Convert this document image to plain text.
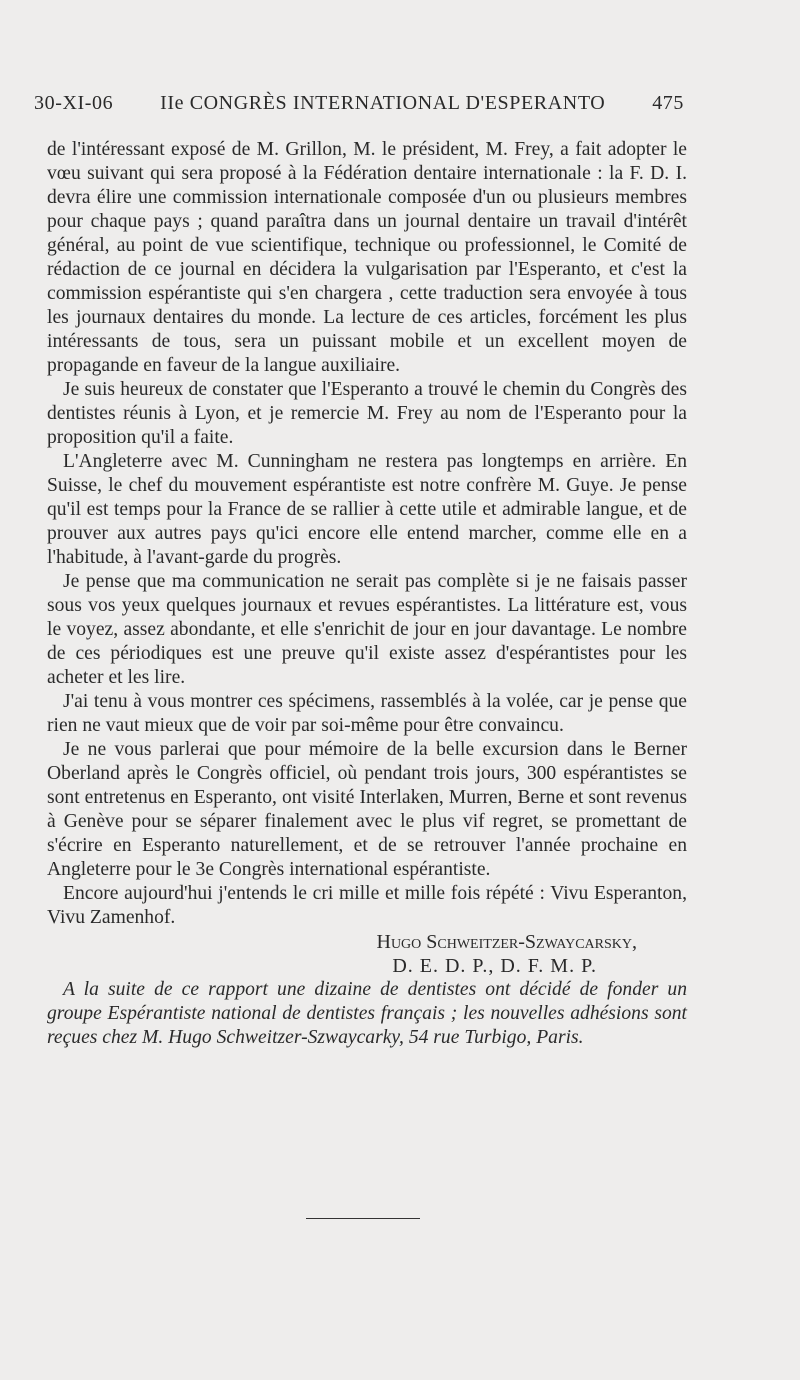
30-XI-06 IIe CONGRÈS INTERNATIONAL D'ESPERANTO 475

de l'intéressant exposé de M. Grillon, M. le président, M. Frey, a fait adopter le vœu suivant qui sera proposé à la Fédération dentaire internationale : la F. D. I. devra élire une commission internationale composée d'un ou plusieurs membres pour chaque pays ; quand paraîtra dans un journal dentaire un travail d'intérêt général, au point de vue scientifique, technique ou professionnel, le Comité de rédaction de ce journal en décidera la vulgarisation par l'Esperanto, et c'est la commission espérantiste qui s'en chargera , cette traduction sera envoyée à tous les journaux dentaires du monde. La lecture de ces articles, forcément les plus intéressants de tous, sera un puissant mobile et un excellent moyen de propagande en faveur de la langue auxiliaire.

Je suis heureux de constater que l'Esperanto a trouvé le chemin du Congrès des dentistes réunis à Lyon, et je remercie M. Frey au nom de l'Esperanto pour la proposition qu'il a faite.

L'Angleterre avec M. Cunningham ne restera pas longtemps en arrière. En Suisse, le chef du mouvement espérantiste est notre confrère M. Guye. Je pense qu'il est temps pour la France de se rallier à cette utile et admirable langue, et de prouver aux autres pays qu'ici encore elle entend marcher, comme elle en a l'habitude, à l'avant-garde du progrès.

Je pense que ma communication ne serait pas complète si je ne faisais passer sous vos yeux quelques journaux et revues espérantistes. La littérature est, vous le voyez, assez abondante, et elle s'enrichit de jour en jour davantage. Le nombre de ces périodiques est une preuve qu'il existe assez d'espérantistes pour les acheter et les lire.

J'ai tenu à vous montrer ces spécimens, rassemblés à la volée, car je pense que rien ne vaut mieux que de voir par soi-même pour être convaincu.

Je ne vous parlerai que pour mémoire de la belle excursion dans le Berner Oberland après le Congrès officiel, où pendant trois jours, 300 espérantistes se sont entretenus en Esperanto, ont visité Interlaken, Murren, Berne et sont revenus à Genève pour se séparer finalement avec le plus vif regret, se promettant de s'écrire en Esperanto naturellement, et de se retrouver l'année prochaine en Angleterre pour le 3e Congrès international espérantiste.

Encore aujourd'hui j'entends le cri mille et mille fois répété : Vivu Esperanton, Vivu Zamenhof.

Hugo Schweitzer-Szwaycarsky,

D. E. D. P., D. F. M. P.

A la suite de ce rapport une dizaine de dentistes ont décidé de fonder un groupe Espérantiste national de dentistes français ; les nouvelles adhésions sont reçues chez M. Hugo Schweitzer-Szwaycarky, 54 rue Turbigo, Paris.
